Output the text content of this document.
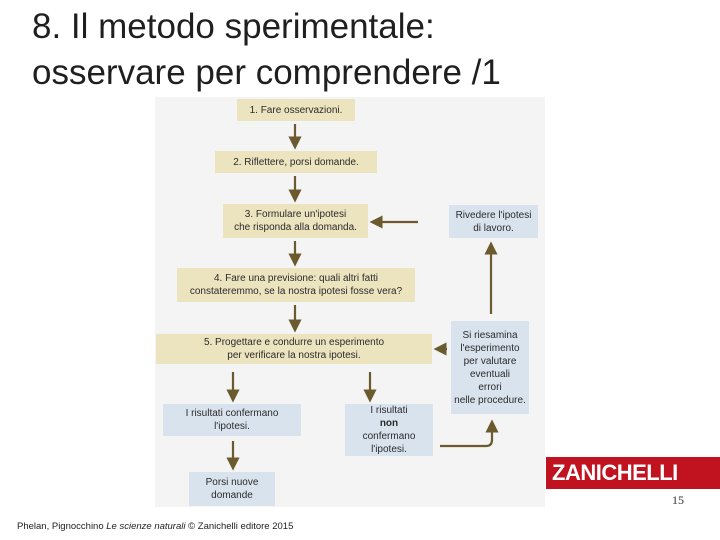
8. Il metodo sperimentale:
osservare per comprendere /1
1. Fare osservazioni.
2. Riflettere, porsi domande.
3. Formulare un'ipotesi
che risponda alla domanda.
4. Fare una previsione: quali altri fatti
constateremmo, se la nostra ipotesi fosse vera?
5. Progettare e condurre un esperimento
per verificare la nostra ipotesi.
I risultati confermano
l'ipotesi.
I risultati
non
confermano
l'ipotesi.
Porsi nuove
domande
Rivedere l'ipotesi
di lavoro.
Si riesamina
l'esperimento
per valutare
eventuali
errori
nelle procedure.
ZANICHELLI
15
Phelan, Pignocchino Le scienze naturali © Zanichelli editore 2015
